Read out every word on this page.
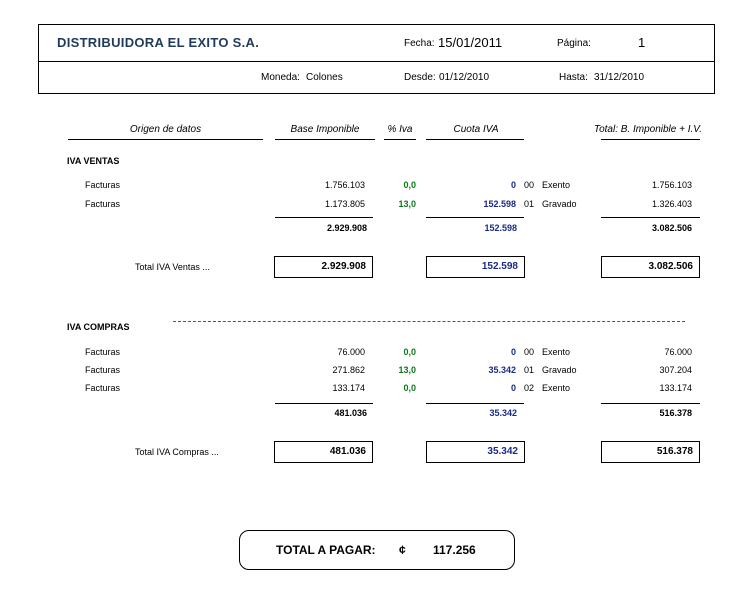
DISTRIBUIDORA EL EXITO S.A.	Fecha: 15/01/2011	Página:	1
Moneda: Colones	Desde: 01/12/2010	Hasta: 31/12/2010
Origen de datos	Base Imponible	% Iva	Cuota IVA	Total: B. Imponible + I.V.
IVA VENTAS
Facturas	1.756.103	0,0	0 00 Exento	1.756.103
Facturas	1.173.805	13,0	152.598 01 Gravado	1.326.403
2.929.908	152.598	3.082.506
Total IVA Ventas ...	2.929.908	152.598	3.082.506
IVA COMPRAS
Facturas	76.000	0,0	0 00 Exento	76.000
Facturas	271.862	13,0	35.342 01 Gravado	307.204
Facturas	133.174	0,0	0 02 Exento	133.174
481.036	35.342	516.378
Total IVA Compras ...	481.036	35.342	516.378
TOTAL A PAGAR: ¢ 117.256
